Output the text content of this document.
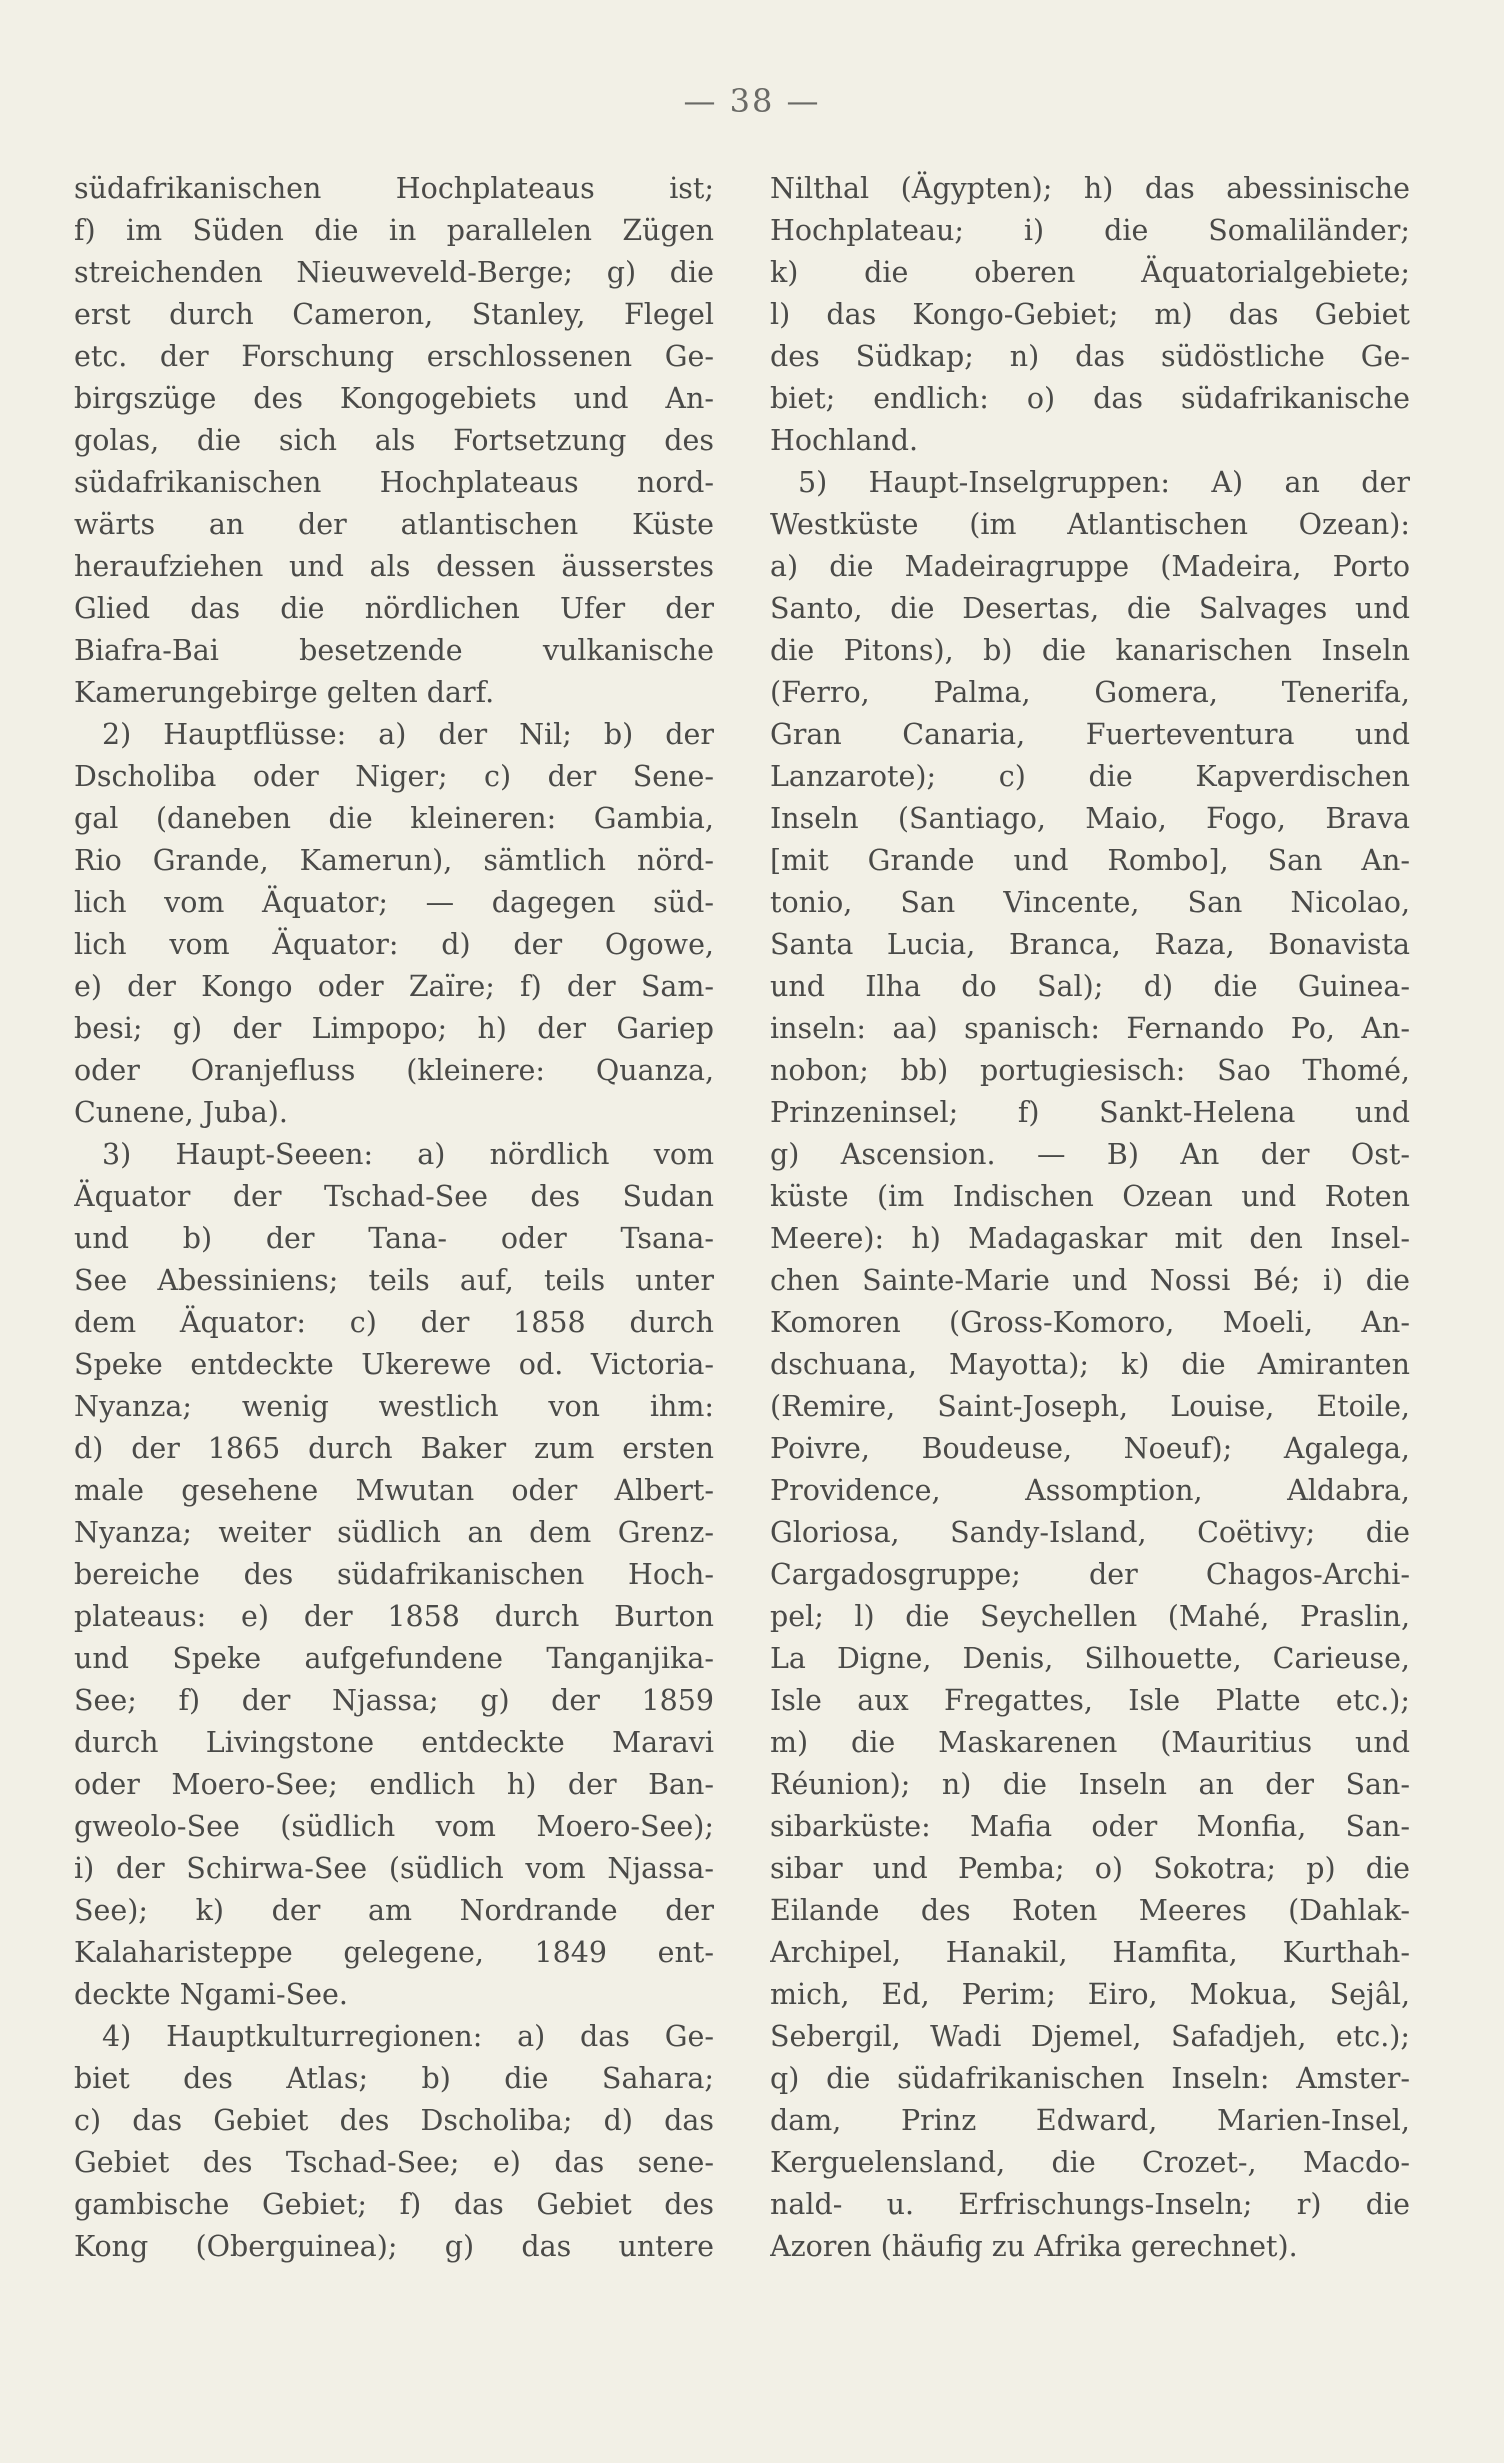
— 38 —
südafrikanischen Hochplateaus ist;
f) im Süden die in parallelen Zügen
streichenden Nieuweveld-Berge; g) die
erst durch Cameron, Stanley, Flegel
etc. der Forschung erschlossenen Ge-
birgszüge des Kongogebiets und An-
golas, die sich als Fortsetzung des
südafrikanischen Hochplateaus nord-
wärts an der atlantischen Küste
heraufziehen und als dessen äusserstes
Glied das die nördlichen Ufer der
Biafra-Bai besetzende vulkanische
Kamerungebirge gelten darf.
2) Hauptflüsse: a) der Nil; b) der
Dscholiba oder Niger; c) der Sene-
gal (daneben die kleineren: Gambia,
Rio Grande, Kamerun), sämtlich nörd-
lich vom Äquator; — dagegen süd-
lich vom Äquator: d) der Ogowe,
e) der Kongo oder Zaïre; f) der Sam-
besi; g) der Limpopo; h) der Gariep
oder Oranjefluss (kleinere: Quanza,
Cunene, Juba).
3) Haupt-Seeen: a) nördlich vom
Äquator der Tschad-See des Sudan
und b) der Tana- oder Tsana-
See Abessiniens; teils auf, teils unter
dem Äquator: c) der 1858 durch
Speke entdeckte Ukerewe od. Victoria-
Nyanza; wenig westlich von ihm:
d) der 1865 durch Baker zum ersten
male gesehene Mwutan oder Albert-
Nyanza; weiter südlich an dem Grenz-
bereiche des südafrikanischen Hoch-
plateaus: e) der 1858 durch Burton
und Speke aufgefundene Tanganjika-
See; f) der Njassa; g) der 1859
durch Livingstone entdeckte Maravi
oder Moero-See; endlich h) der Ban-
gweolo-See (südlich vom Moero-See);
i) der Schirwa-See (südlich vom Njassa-
See); k) der am Nordrande der
Kalaharisteppe gelegene, 1849 ent-
deckte Ngami-See.
4) Hauptkulturregionen: a) das Ge-
biet des Atlas; b) die Sahara;
c) das Gebiet des Dscholiba; d) das
Gebiet des Tschad-See; e) das sene-
gambische Gebiet; f) das Gebiet des
Kong (Oberguinea); g) das untere
Nilthal (Ägypten); h) das abessinische
Hochplateau; i) die Somaliländer;
k) die oberen Äquatorialgebiete;
l) das Kongo-Gebiet; m) das Gebiet
des Südkap; n) das südöstliche Ge-
biet; endlich: o) das südafrikanische
Hochland.
5) Haupt-Inselgruppen: A) an der
Westküste (im Atlantischen Ozean):
a) die Madeiragruppe (Madeira, Porto
Santo, die Desertas, die Salvages und
die Pitons), b) die kanarischen Inseln
(Ferro, Palma, Gomera, Tenerifa,
Gran Canaria, Fuerteventura und
Lanzarote); c) die Kapverdischen
Inseln (Santiago, Maio, Fogo, Brava
[mit Grande und Rombo], San An-
tonio, San Vincente, San Nicolao,
Santa Lucia, Branca, Raza, Bonavista
und Ilha do Sal); d) die Guinea-
inseln: aa) spanisch: Fernando Po, An-
nobon; bb) portugiesisch: Sao Thomé,
Prinzeninsel; f) Sankt-Helena und
g) Ascension. — B) An der Ost-
küste (im Indischen Ozean und Roten
Meere): h) Madagaskar mit den Insel-
chen Sainte-Marie und Nossi Bé; i) die
Komoren (Gross-Komoro, Moeli, An-
dschuana, Mayotta); k) die Amiranten
(Remire, Saint-Joseph, Louise, Etoile,
Poivre, Boudeuse, Noeuf); Agalega,
Providence, Assomption, Aldabra,
Gloriosa, Sandy-Island, Coëtivy; die
Cargadosgruppe; der Chagos-Archi-
pel; l) die Seychellen (Mahé, Praslin,
La Digne, Denis, Silhouette, Carieuse,
Isle aux Fregattes, Isle Platte etc.);
m) die Maskarenen (Mauritius und
Réunion); n) die Inseln an der San-
sibarküste: Mafia oder Monfia, San-
sibar und Pemba; o) Sokotra; p) die
Eilande des Roten Meeres (Dahlak-
Archipel, Hanakil, Hamfita, Kurthah-
mich, Ed, Perim; Eiro, Mokua, Sejâl,
Sebergil, Wadi Djemel, Safadjeh, etc.);
q) die südafrikanischen Inseln: Amster-
dam, Prinz Edward, Marien-Insel,
Kerguelensland, die Crozet-, Macdo-
nald- u. Erfrischungs-Inseln; r) die
Azoren (häufig zu Afrika gerechnet).
